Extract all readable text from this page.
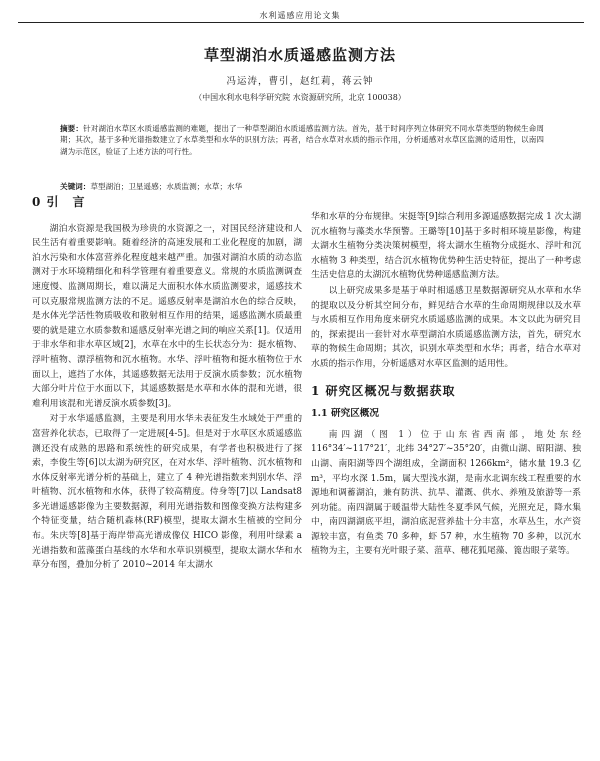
水利遥感应用论文集
草型湖泊水质遥感监测方法
冯运涛，曹引，赵红莉，蒋云钟
（中国水利水电科学研究院 水资源研究所，北京 100038）
摘要：针对湖泊水草区水质遥感监测的难题，提出了一种草型湖泊水质遥感监测方法。首先，基于时间序列立体研究不同水草类型的物候生命周期；其次，基于多种光谱指数建立了水草类型和水华的识别方法；再者，结合水草对水质的指示作用，分析遥感对水草区监测的适用性，以南四湖为示范区，验证了上述方法的可行性。
关键词：草型湖泊；卫星遥感；水质监测；水草；水华
0 引　言

湖泊水资源是我国极为珍贵的水资源之一，对国民经济建设和人民生活有着重要影响。随着经济的高速发展和工业化程度的加剧，湖泊水污染和水体富营养化程度越来越严重。加强对湖泊水质的动态监测对于水环境精细化和科学管理有着重要意义。常规的水质监测调查速度慢、监测周期长，难以满足大面积水体水质监测要求，遥感技术可以克服常规监测方法的不足。遥感反射率是湖泊水色的综合反映，是水体光学活性物质吸收和散射相互作用的结果，遥感监测水质最重要的就是建立水质参数和遥感反射率光谱之间的响应关系[1]。仅适用于非水华和非水草区域[2]，水草在水中的生长状态分为：挺水植物、浮叶植物、漂浮植物和沉水植物。水华、浮叶植物和挺水植物位于水面以上，遮挡了水体，其遥感数据无法用于反演水质参数；沉水植物大部分叶片位于水面以下，其遥感数据是水草和水体的混和光谱，很难利用该混和光谱反演水质参数[3]。

对于水华遥感监测，主要是利用水华未表征发生水域处于严重的富营养化状态，已取得了一定进展[4-5]。但是对于水草区水质遥感监测还没有成熟的思路和系统性的研究成果，有学者也积极进行了探索，李俊生等[6]以太湖为研究区，在对水华、浮叶植物、沉水植物和水体反射率光谱分析的基础上，建立了 4 种光谱指数来判别水华、浮叶植物、沉水植物和水体，获得了较高精度。侍身等[7]以 Landsat8 多光谱遥感影像为主要数据源，利用光谱指数和图像变换方法构建多个特征变量，结合随机森林(RF)模型，提取太湖水生植被的空间分布。朱庆等[8]基于海岸带高光谱成像仪 HICO 影像，利用叶绿素 a 光谱指数和蓝藻蛋白基线的水华和水草识别模型，提取太湖水华和水草分布图，叠加分析了 2010~2014 年太湖水

华和水草的分布规律。宋挺等[9]综合利用多源遥感数据完成 1 次太湖沉水植物与藻类水华预警。王璐等[10]基于多时相环境星影像，构建太湖水生植物分类决策树模型，将太湖水生植物分成挺水、浮叶和沉水植物 3 种类型，结合沉水植物优势种生活史特征，提出了一种考虑生活史信息的太湖沉水植物优势种遥感监测方法。

以上研究成果多是基于单时相遥感卫星数据源研究从水草和水华的提取以及分析其空间分布，鲜见结合水草的生命周期规律以及水草与水质相互作用角度来研究水质遥感监测的成果。本文以此为研究目的，探索提出一套针对水草型湖泊水质遥感监测方法，首先，研究水草的物候生命周期；其次，识别水草类型和水华；再者，结合水草对水质的指示作用，分析遥感对水草区监测的适用性。

1 研究区概况与数据获取
1.1 研究区概况

南四湖（图 1）位于山东省西南部，地处东经 116°34′~117°21′，北纬 34°27′~35°20′，由微山湖、昭阳湖、独山湖、南阳湖等四个湖组成，全湖面积 1266km²，储水量 19.3 亿 m³，平均水深 1.5m，属大型浅水湖，是南水北调东线工程重要的水源地和调蓄湖泊，兼有防洪、抗旱、灌溉、供水、养殖及旅游等一系列功能。南四湖属于暖温带大陆性冬夏季风气候，光照充足，降水集中，南四湖湖底平坦，湖泊底泥营养盐十分丰富，水草丛生，水产资源较丰富，有鱼类 70 多种，虾 57 种，水生植物 70 多种，以沉水植物为主，主要有光叶眼子菜、菹草、穗花狐尾藻、篦齿眼子菜等。
